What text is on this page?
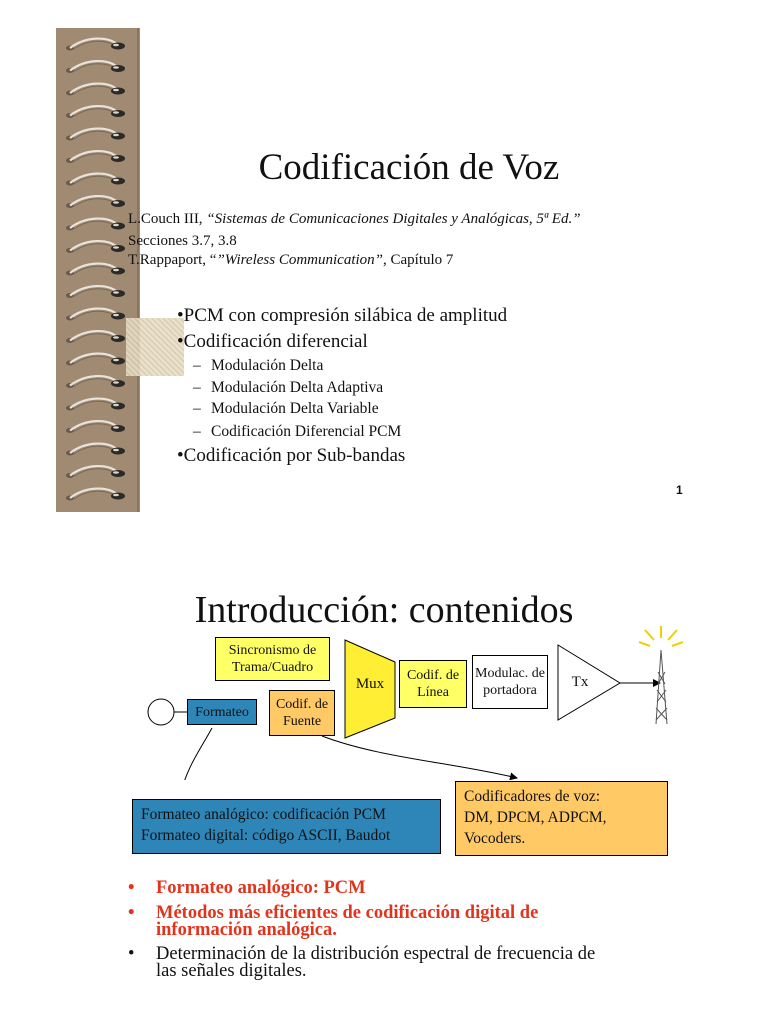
Codificación de Voz
L.Couch III, “Sistemas de Comunicaciones Digitales y Analógicas, 5ª Ed.”
Secciones 3.7, 3.8
T.Rappaport, “”Wireless Communication”, Capítulo 7
•PCM con compresión silábica de amplitud
•Codificación diferencial
– Modulación Delta
– Modulación Delta Adaptiva
– Modulación Delta Variable
– Codificación Diferencial PCM
•Codificación por Sub-bandas
1
Introducción: contenidos
Sincronismo de Trama/Cuadro
Formateo	Codif. de Fuente
Mux
Codif. de Línea
Modulac. de portadora
Tx
Formateo analógico: codificación PCM
Formateo digital: código ASCII, Baudot
Codificadores de voz:
DM, DPCM, ADPCM,
Vocoders.
• Formateo analógico: PCM
• Métodos más eficientes de codificación digital de
información analógica.
• Determinación de la distribución espectral de frecuencia de
las señales digitales.
